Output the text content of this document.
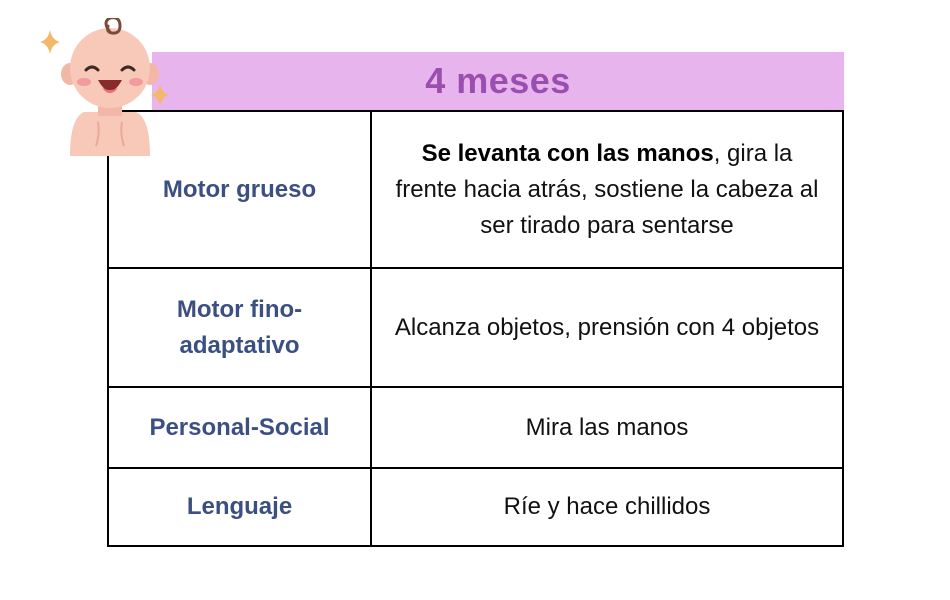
4 meses
Motor grueso
Se levanta con las manos, gira la frente hacia atrás, sostiene la cabeza al ser tirado para sentarse
Motor fino-adaptativo
Alcanza objetos, prensión con 4 objetos
Personal-Social	Mira las manos
Lenguaje	Ríe y hace chillidos
